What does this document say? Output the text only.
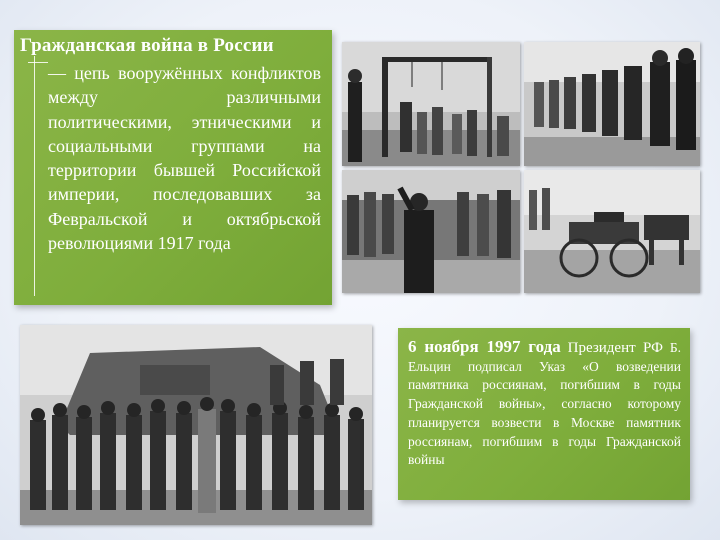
Гражданская война в России
— цепь вооружённых конфликтов между различными политическими, этническими и социальными группами на территории бывшей Российской империи, последовавших за Февральской и октябрьской революциями 1917 года
6 ноября 1997 года Президент РФ Б. Ельцин подписал Указ «О возведении памятника россиянам, погибшим в годы Гражданской войны», согласно которому планируется возвести в Москве памятник россиянам, погибшим в годы Гражданской войны
